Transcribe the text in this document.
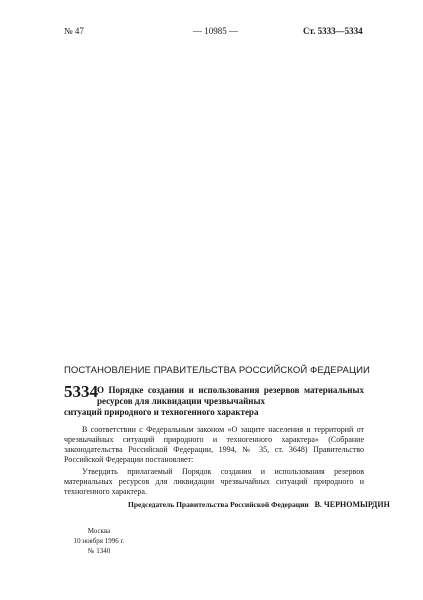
№ 47	— 10985 —	Ст. 5333—5334
ПОСТАНОВЛЕНИЕ ПРАВИТЕЛЬСТВА РОССИЙСКОЙ ФЕДЕРАЦИИ
5334 О Порядке создания и использования резервов материальных ресурсов для ликвидации чрезвычайных
ситуаций природного и техногенного характера
В соответствии с Федеральным законом «О защите населения и территорий от чрезвычайных ситуаций природного и техногенного характера» (Собрание законодательства Российской Федерации, 1994, № 35, ст. 3648) Правительство Российской Федерации постановляет:
Утвердить прилагаемый Порядок создания и использования резервов материальных ресурсов для ликвидации чрезвычайных ситуаций природного и техногенного характера.
Председатель Правительства Российской Федерации В. ЧЕРНОМЫРДИН
Москва
10 ноября 1996 г.
№ 1340
